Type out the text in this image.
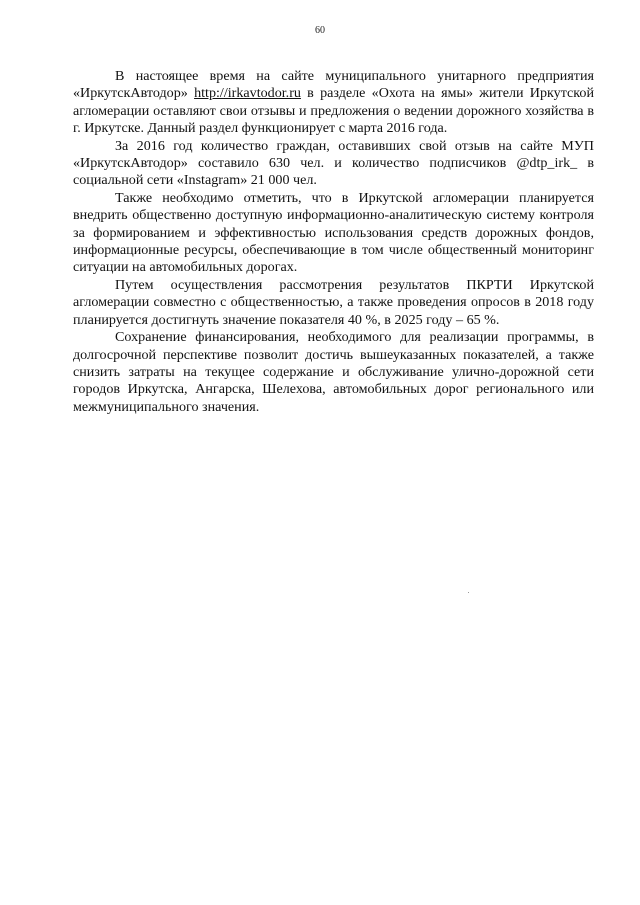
60

В настоящее время на сайте муниципального унитарного предприятия «ИркутскАвтодор» http://irkavtodor.ru в разделе «Охота на ямы» жители Иркутской агломерации оставляют свои отзывы и предложения о ведении дорожного хозяйства в г. Иркутске. Данный раздел функционирует с марта 2016 года.

За 2016 год количество граждан, оставивших свой отзыв на сайте МУП «ИркутскАвтодор» составило 630 чел. и количество подписчиков @dtp_irk_ в социальной сети «Instagram» 21 000 чел.

Также необходимо отметить, что в Иркутской агломерации планируется внедрить общественно доступную информационно-аналитическую систему контроля за формированием и эффективностью использования средств дорожных фондов, информационные ресурсы, обеспечивающие в том числе общественный мониторинг ситуации на автомобильных дорогах.

Путем осуществления рассмотрения результатов ПКРТИ Иркутской агломерации совместно с общественностью, а также проведения опросов в 2018 году планируется достигнуть значение показателя 40 %, в 2025 году – 65 %.

Сохранение финансирования, необходимого для реализации программы, в долгосрочной перспективе позволит достичь вышеуказанных показателей, а также снизить затраты на текущее содержание и обслуживание улично-дорожной сети городов Иркутска, Ангарска, Шелехова, автомобильных дорог регионального или межмуниципального значения.
